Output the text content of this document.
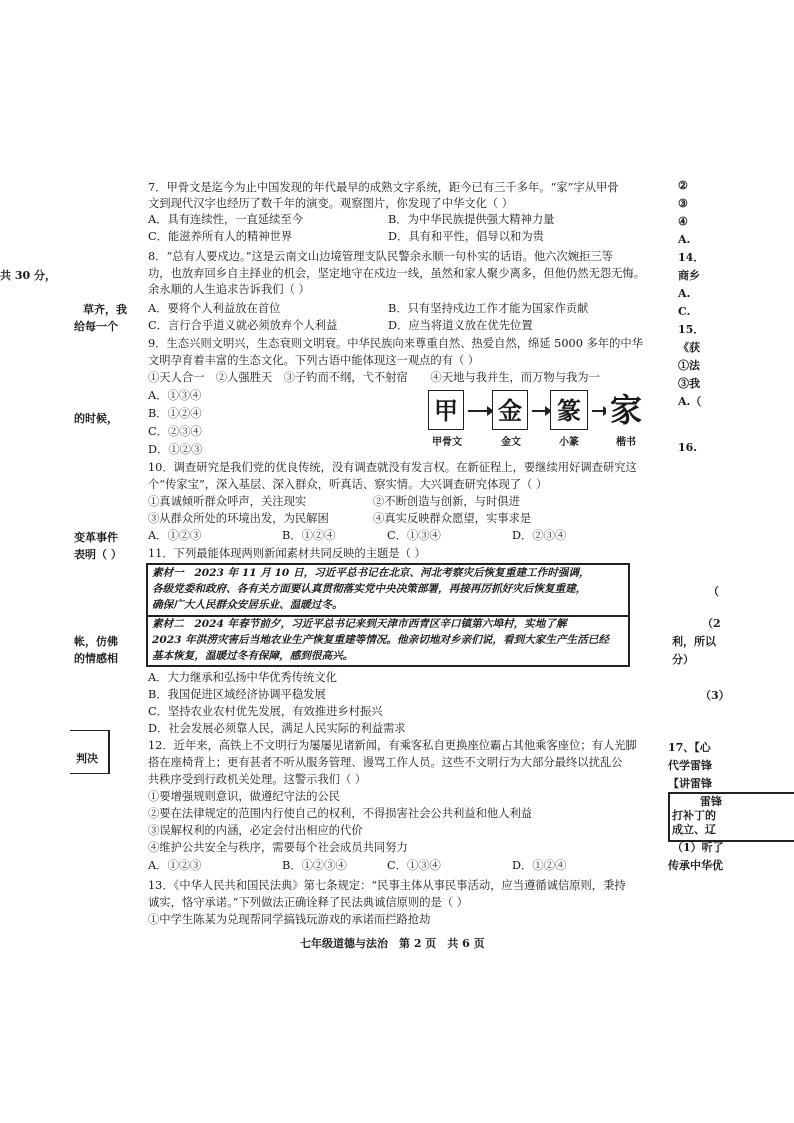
共 30 分，
草齐，我
给每一个
的时候，
变革事件
表明（ ）
帐，仿佛
的情感相
判决
②
③
④
A.
14．
商乡
A.
C.
15．
《获
①法
③我
A.（
16.
（
（2
利，所以
分）
（3）
17、【心
代学雷锋
【讲雷锋
雷锋
打补丁的
成立、辽
（1）听了
传承中华优
7．甲骨文是迄今为止中国发现的年代最早的成熟文字系统，距今已有三千多年。“家”字从甲骨
文到现代汉字也经历了数千年的演变。观察图片，你发现了中华文化（ ）
A．具有连续性，一直延续至今	B．为中华民族提供强大精神力量
C．能滋养所有人的精神世界	D．具有和平性，倡导以和为贵
8．“总有人要戍边。”这是云南文山边境管理支队民警余永顺一句朴实的话语。他六次婉拒三等
功，也放弃回乡自主择业的机会，坚定地守在戍边一线，虽然和家人聚少离多，但他仍然无怨无悔。
余永顺的人生追求告诉我们（ ）
A．要将个人利益放在首位	B．只有坚持戍边工作才能为国家作贡献
C．言行合乎道义就必须放弃个人利益	D．应当将道义放在优先位置
9．生态兴则文明兴，生态衰则文明衰。中华民族向来尊重自然、热爱自然，绵延 5000 多年的中华
文明孕育着丰富的生态文化。下列古语中能体现这一观点的有（ ）
①天人合一　②人强胜天　③子钓而不纲，弋不射宿　　④天地与我并生，而万物与我为一
A．①③④
B．①②④
C．②③④
D．①②③
甲 金 篆 家
甲骨文	金文	小篆	楷书
10．调查研究是我们党的优良传统，没有调查就没有发言权。在新征程上，要继续用好调查研究这
个“传家宝”，深入基层、深入群众，听真话、察实情。大兴调查研究体现了（ ）
①真诚倾听群众呼声，关注现实	②不断创造与创新，与时俱进
③从群众所处的环境出发，为民解困	④真实反映群众愿望，实事求是
A．①②③	B．①②④	C．①③④	D．②③④
11．下列最能体现两则新闻素材共同反映的主题是（ ）
素材一　2023 年 11 月 10 日，习近平总书记在北京、河北考察灾后恢复重建工作时强调，
各级党委和政府、各有关方面要认真贯彻落实党中央决策部署，再接再厉抓好灾后恢复重建，
确保广大人民群众安居乐业、温暖过冬。
素材二　2024 年春节前夕，习近平总书记来到天津市西青区辛口镇第六埠村，实地了解
2023 年洪涝灾害后当地农业生产恢复重建等情况。他亲切地对乡亲们说，看到大家生产生活已经
基本恢复，温暖过冬有保障，感到很高兴。
A．大力继承和弘扬中华优秀传统文化
B．我国促进区域经济协调平稳发展
C．坚持农业农村优先发展，有效推进乡村振兴
D．社会发展必须靠人民，满足人民实际的利益需求
12．近年来，高铁上不文明行为屡屡见诸新闻，有乘客私自更换座位霸占其他乘客座位；有人光脚
搭在座椅背上；更有甚者不听从服务管理、谩骂工作人员。这些不文明行为大部分最终以扰乱公
共秩序受到行政机关处理。这警示我们（ ）
①要增强规则意识，做遵纪守法的公民
②要在法律规定的范围内行使自己的权利，不得损害社会公共利益和他人利益
③误解权利的内涵，必定会付出相应的代价
④维护公共安全与秩序，需要每个社会成员共同努力
A．①②③	B．①②③④	C．①③④	D．①②④
13．《中华人民共和国民法典》第七条规定：“民事主体从事民事活动，应当遵循诚信原则，秉持
诚实，恪守承诺。”下列做法正确诠释了民法典诚信原则的是（ ）
①中学生陈某为兑现帮同学搞钱玩游戏的承诺而拦路抢劫
七年级道德与法治　第 2 页　共 6 页
